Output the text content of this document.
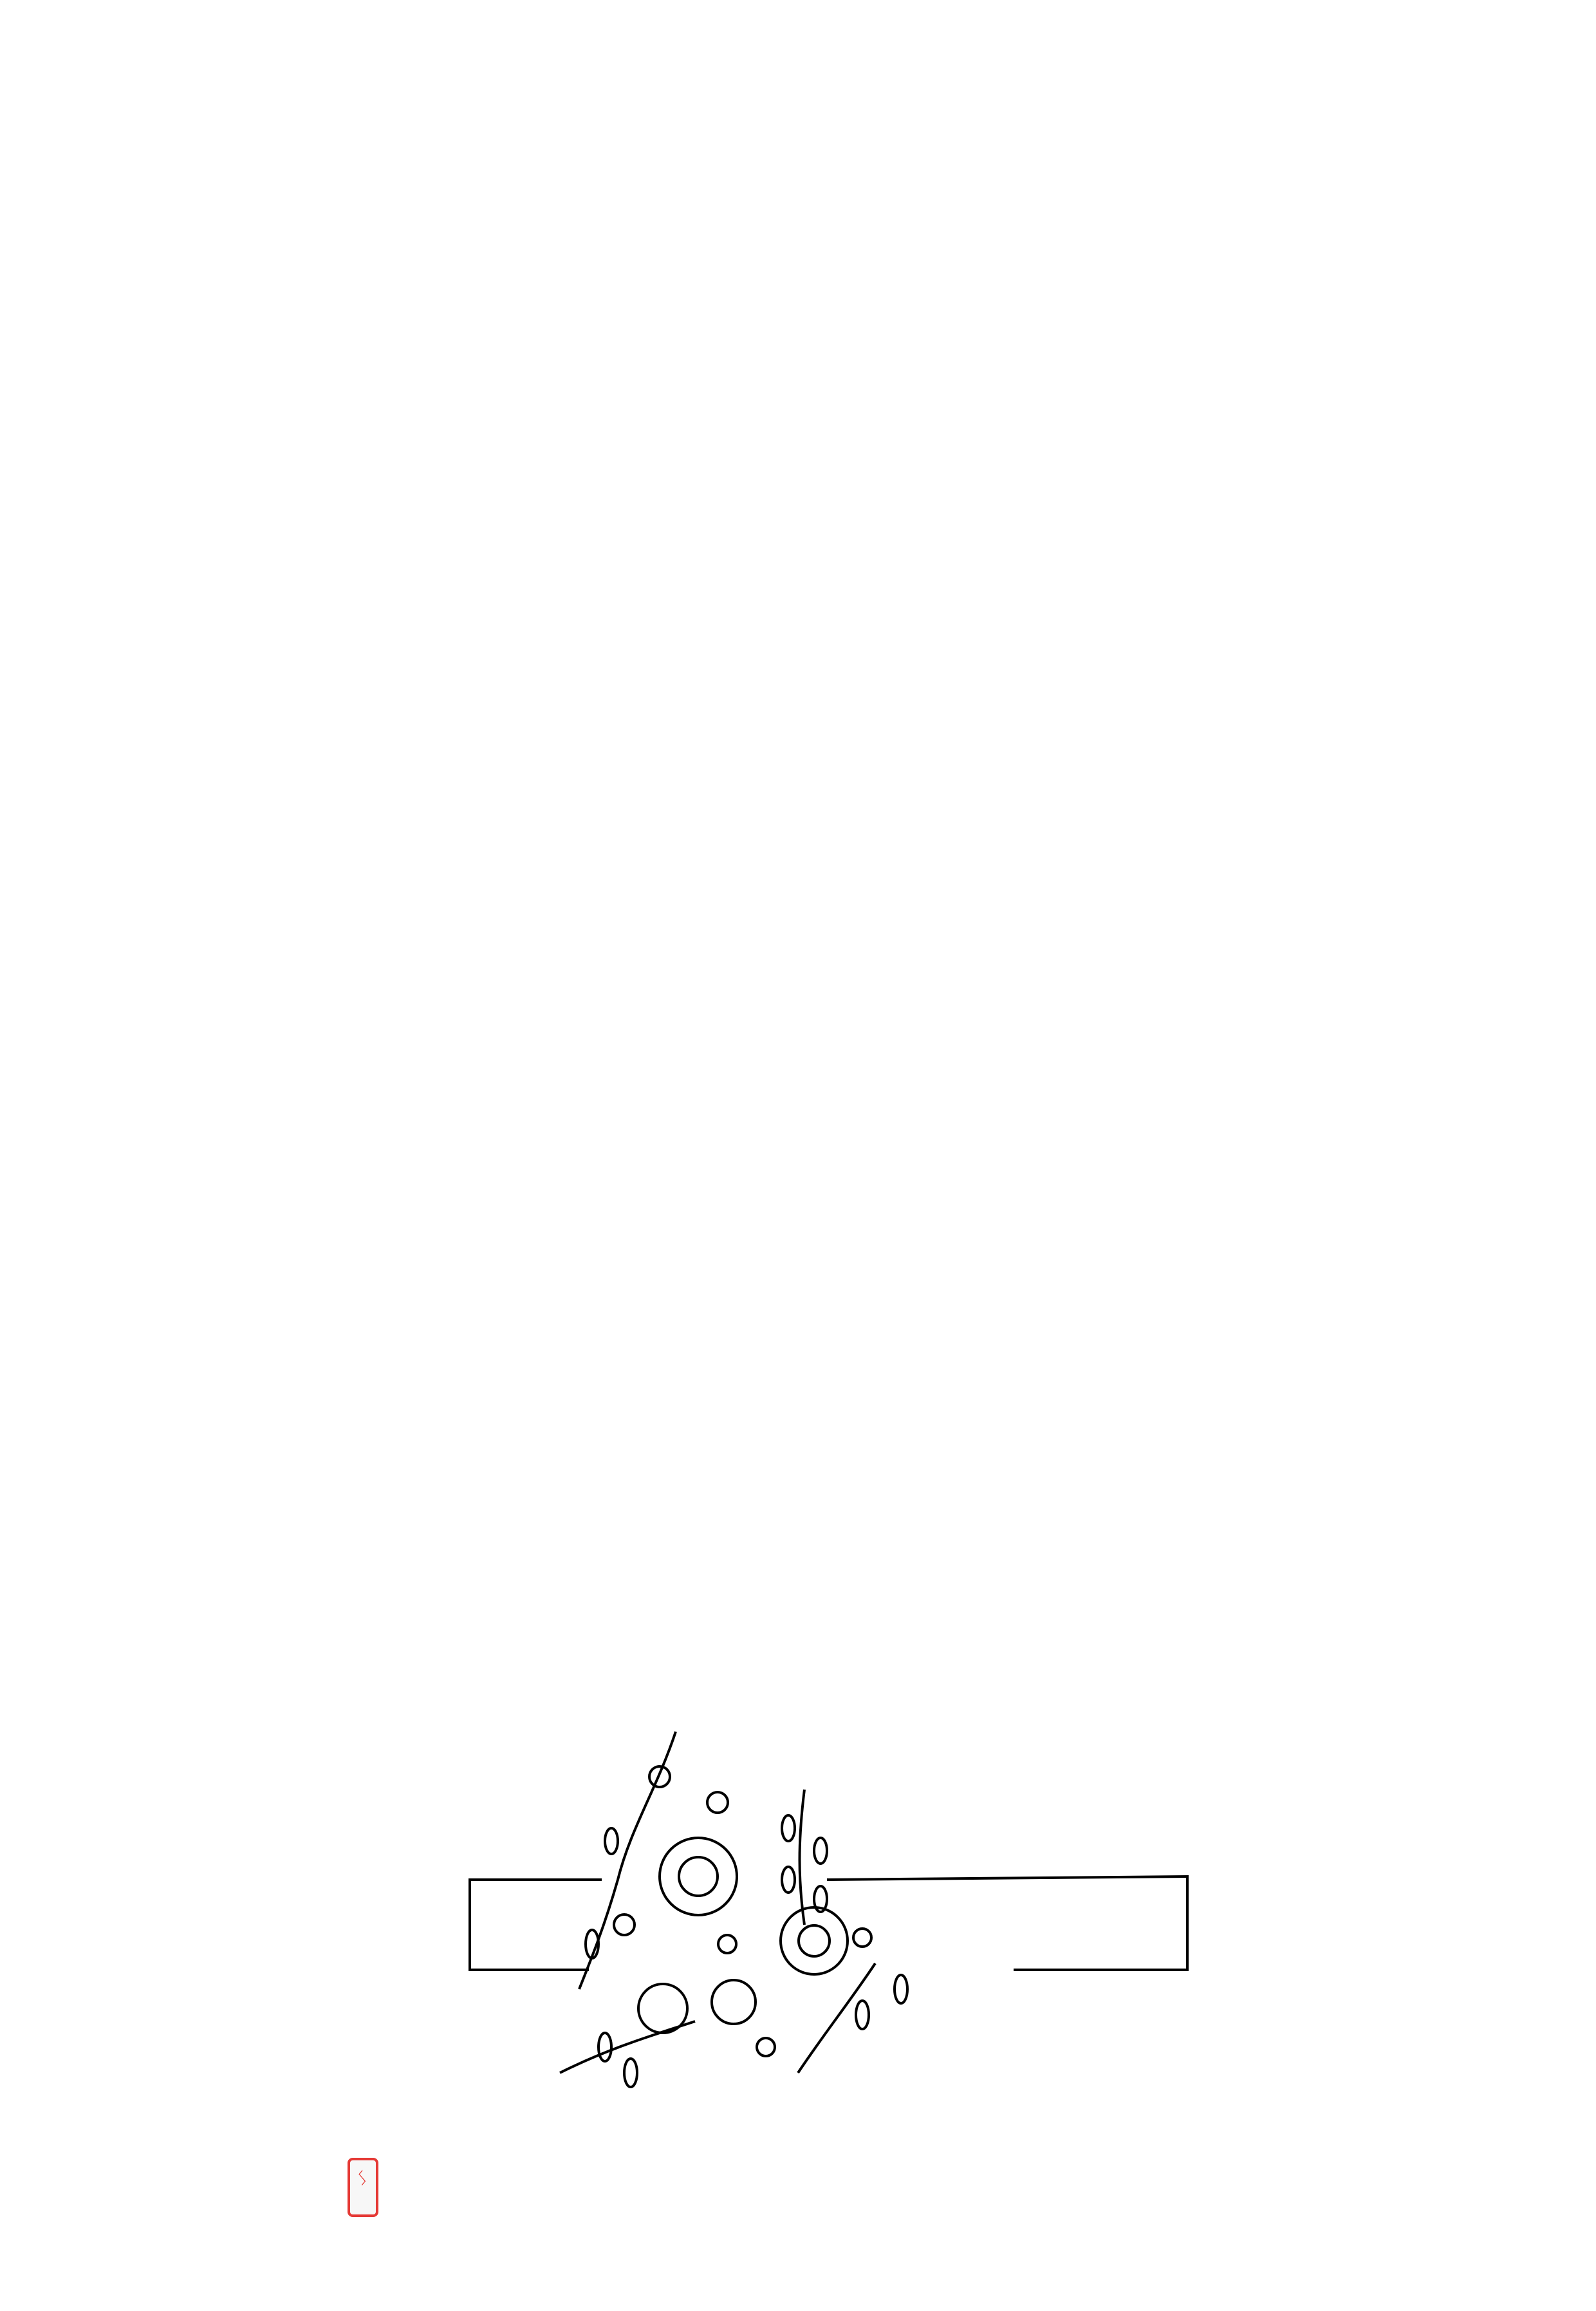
ᛊ
